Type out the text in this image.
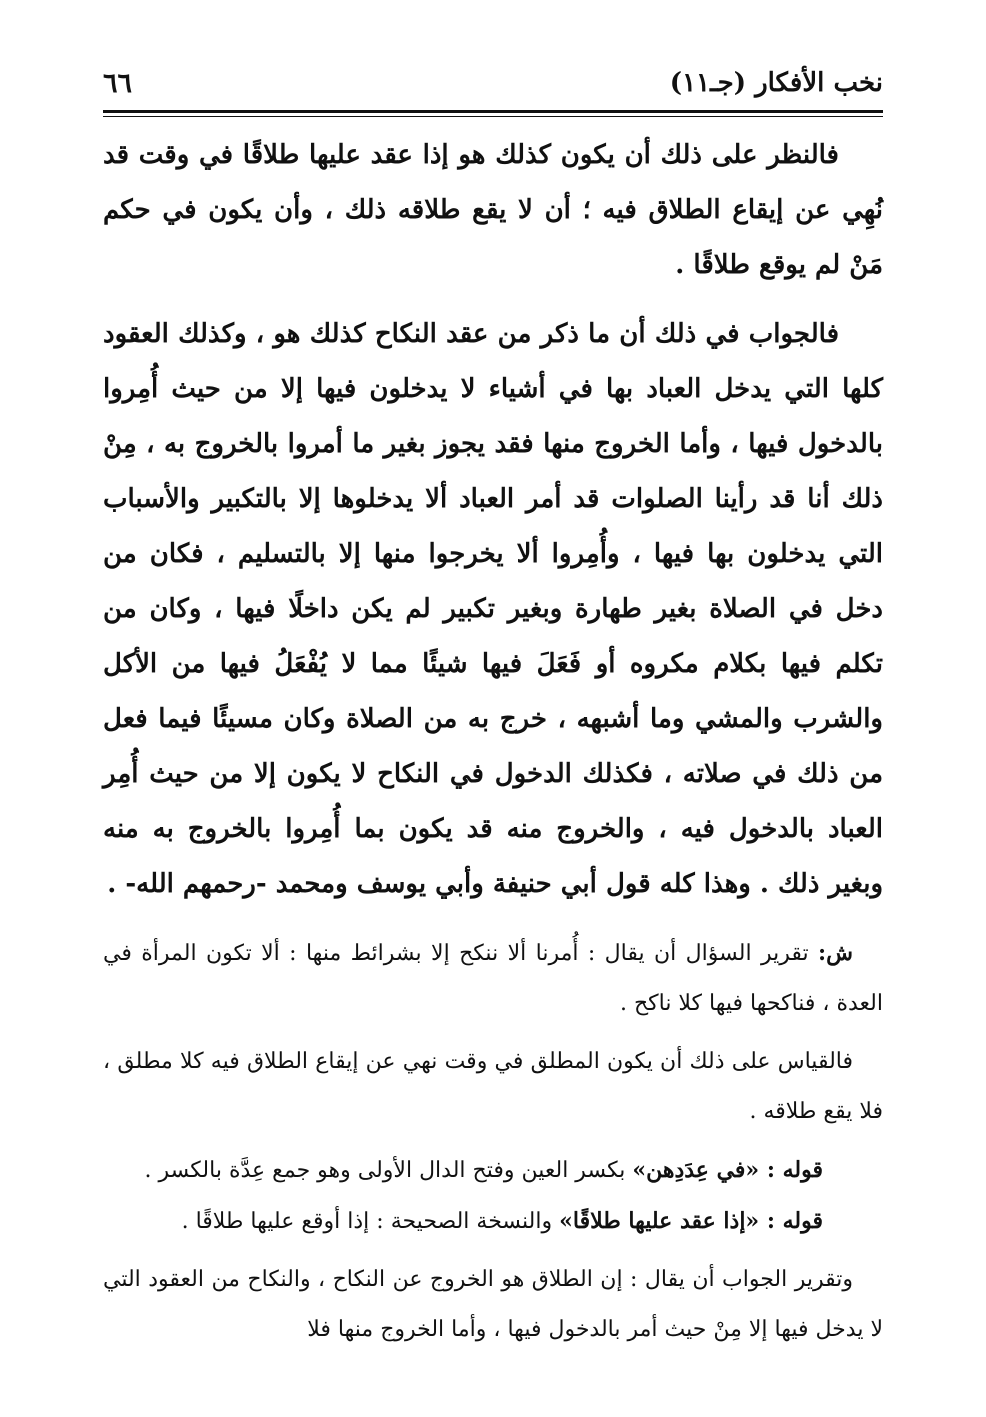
نخب الأفكار (جـ١١)
٦٦

فالنظر على ذلك أن يكون كذلك هو إذا عقد عليها طلاقًا في وقت قد نُهِي عن إيقاع الطلاق فيه ؛ أن لا يقع طلاقه ذلك ، وأن يكون في حكم مَنْ لم يوقع طلاقًا .

فالجواب في ذلك أن ما ذكر من عقد النكاح كذلك هو ، وكذلك العقود كلها التي يدخل العباد بها في أشياء لا يدخلون فيها إلا من حيث أُمِروا بالدخول فيها ، وأما الخروج منها فقد يجوز بغير ما أمروا بالخروج به ، مِنْ ذلك أنا قد رأينا الصلوات قد أمر العباد ألا يدخلوها إلا بالتكبير والأسباب التي يدخلون بها فيها ، وأُمِروا ألا يخرجوا منها إلا بالتسليم ، فكان من دخل في الصلاة بغير طهارة وبغير تكبير لم يكن داخلًا فيها ، وكان من تكلم فيها بكلام مكروه أو فَعَلَ فيها شيئًا مما لا يُفْعَلُ فيها من الأكل والشرب والمشي وما أشبهه ، خرج به من الصلاة وكان مسيئًا فيما فعل من ذلك في صلاته ، فكذلك الدخول في النكاح لا يكون إلا من حيث أُمِر العباد بالدخول فيه ، والخروج منه قد يكون بما أُمِروا بالخروج به منه وبغير ذلك . وهذا كله قول أبي حنيفة وأبي يوسف ومحمد -رحمهم الله- .

ش: تقرير السؤال أن يقال : أُمرنا ألا ننكح إلا بشرائط منها : ألا تكون المرأة في العدة ، فناكحها فيها كلا ناكح .

فالقياس على ذلك أن يكون المطلق في وقت نهي عن إيقاع الطلاق فيه كلا مطلق ، فلا يقع طلاقه .

قوله : «في عِدَدِهن» بكسر العين وفتح الدال الأولى وهو جمع عِدَّة بالكسر .

قوله : «إذا عقد عليها طلاقًا» والنسخة الصحيحة : إذا أوقع عليها طلاقًا .

وتقرير الجواب أن يقال : إن الطلاق هو الخروج عن النكاح ، والنكاح من العقود التي لا يدخل فيها إلا مِنْ حيث أمر بالدخول فيها ، وأما الخروج منها فلا
